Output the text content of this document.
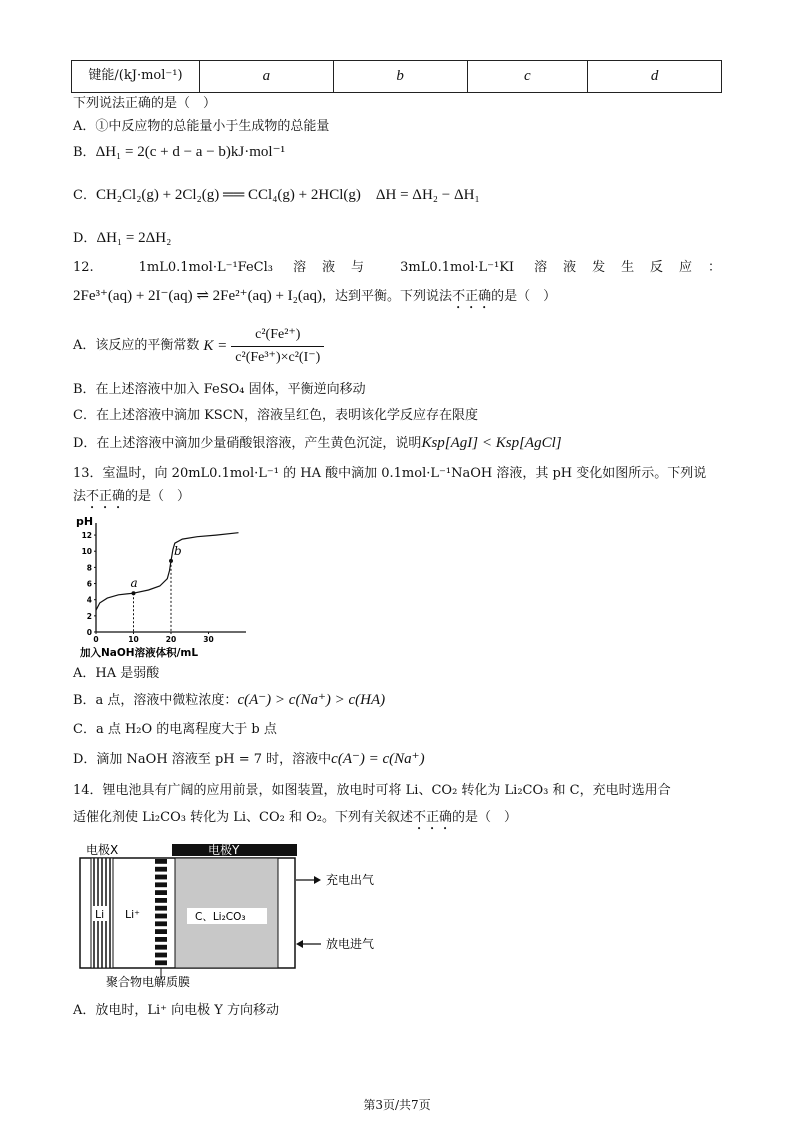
键能/(kJ·mol⁻¹)	a	b	c	d
下列说法正确的是（　）
A．①中反应物的总能量小于生成物的总能量
B．ΔH₁ = 2(c + d − a − b)kJ·mol⁻¹
C．CH₂Cl₂(g) + 2Cl₂(g) ══ CCl₄(g) + 2HCl(g)　ΔH = ΔH₂ − ΔH₁
D．ΔH₁ = 2ΔH₂
12.　1mL0.1mol·L⁻¹FeCl₃ 溶液与 3mL0.1mol·L⁻¹KI 溶液发生反应：
2Fe³⁺(aq) + 2I⁻(aq) ⇌ 2Fe²⁺(aq) + I₂(aq)，达到平衡。下列说法不正确的是（　）
A．该反应的平衡常数 $K = \frac{\text{c²(Fe²⁺)}}{\text{c²(Fe³⁺)×c²(I⁻)}}$
B．在上述溶液中加入 FeSO₄ 固体，平衡逆向移动
C．在上述溶液中滴加 KSCN，溶液呈红色，表明该化学反应存在限度
D．在上述溶液中滴加少量硝酸银溶液，产生黄色沉淀，说明Ksp[AgI] < Ksp[AgCl]
13．室温时，向 20mL0.1mol·L⁻¹ 的 HA 酸中滴加 0.1mol·L⁻¹NaOH 溶液，其 pH 变化如图所示。下列说
法不正确的是（　）
pH
0
2
4
6
8
10
12
0	10	20	30
加入NaOH溶液体积/mL
a
b
A．HA 是弱酸
B．a 点，溶液中微粒浓度：c(A⁻) > c(Na⁺) > c(HA)
C．a 点 H₂O 的电离程度大于 b 点
D．滴加 NaOH 溶液至 pH = 7 时，溶液中c(A⁻) = c(Na⁺)
14．锂电池具有广阔的应用前景，如图装置，放电时可将 Li、CO₂ 转化为 Li₂CO₃ 和 C，充电时选用合
适催化剂使 Li₂CO₃ 转化为 Li、CO₂ 和 O₂。下列有关叙述不正确的是（　）
电极X	电极Y
Li Li⁺	C、Li₂CO₃
充电出气
放电进气
聚合物电解质膜
A．放电时，Li⁺ 向电极 Y 方向移动
第3页/共7页
